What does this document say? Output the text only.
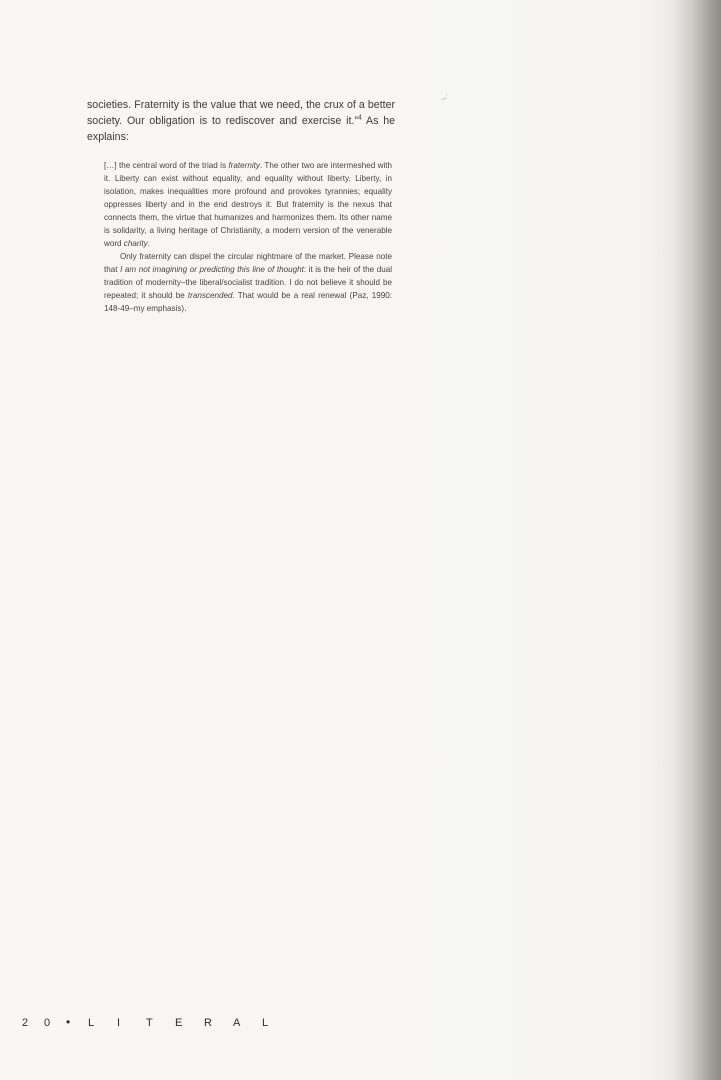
societies. Fraternity is the value that we need, the crux of a better society. Our obligation is to rediscover and exercise it.”$^4$ As he explains:

[…] the central word of the triad is fraternity. The other two are intermeshed with it. Liberty can exist without equality, and equality without liberty. Liberty, in isolation, makes inequalities more profound and provokes tyrannies; equality oppresses liberty and in the end destroys it. But fraternity is the nexus that connects them, the virtue that humanizes and harmonizes them. Its other name is solidarity, a living heritage of Christianity, a modern version of the venerable word charity.

Only fraternity can dispel the circular nightmare of the market. Please note that I am not imagining or predicting this line of thought: it is the heir of the dual tradition of modernity–the liberal/socialist tradition. I do not believe it should be repeated; it should be transcended. That would be a real renewal (Paz, 1990: 148-49–my emphasis).

·-˙
2 0 • L I T E R A L
